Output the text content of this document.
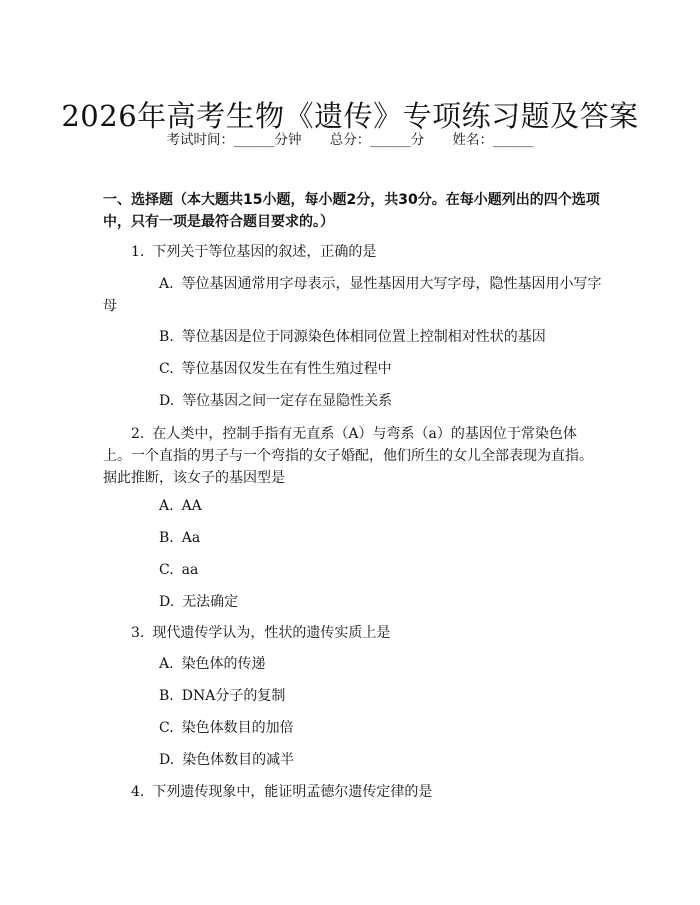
2026年高考生物《遗传》专项练习题及答案
考试时间：______分钟 总分：______分 姓名：______
一、选择题（本大题共15小题，每小题2分，共30分。在每小题列出的四个选项中，只有一项是最符合题目要求的。）

1. 下列关于等位基因的叙述，正确的是

A. 等位基因通常用字母表示，显性基因用大写字母，隐性基因用小写字母

B. 等位基因是位于同源染色体相同位置上控制相对性状的基因

C. 等位基因仅发生在有性生殖过程中

D. 等位基因之间一定存在显隐性关系

2. 在人类中，控制手指有无直系（A）与弯系（a）的基因位于常染色体上。一个直指的男子与一个弯指的女子婚配，他们所生的女儿全部表现为直指。据此推断，该女子的基因型是

A. AA

B. Aa

C. aa

D. 无法确定

3. 现代遗传学认为，性状的遗传实质上是

A. 染色体的传递

B. DNA分子的复制

C. 染色体数目的加倍

D. 染色体数目的减半

4. 下列遗传现象中，能证明孟德尔遗传定律的是
